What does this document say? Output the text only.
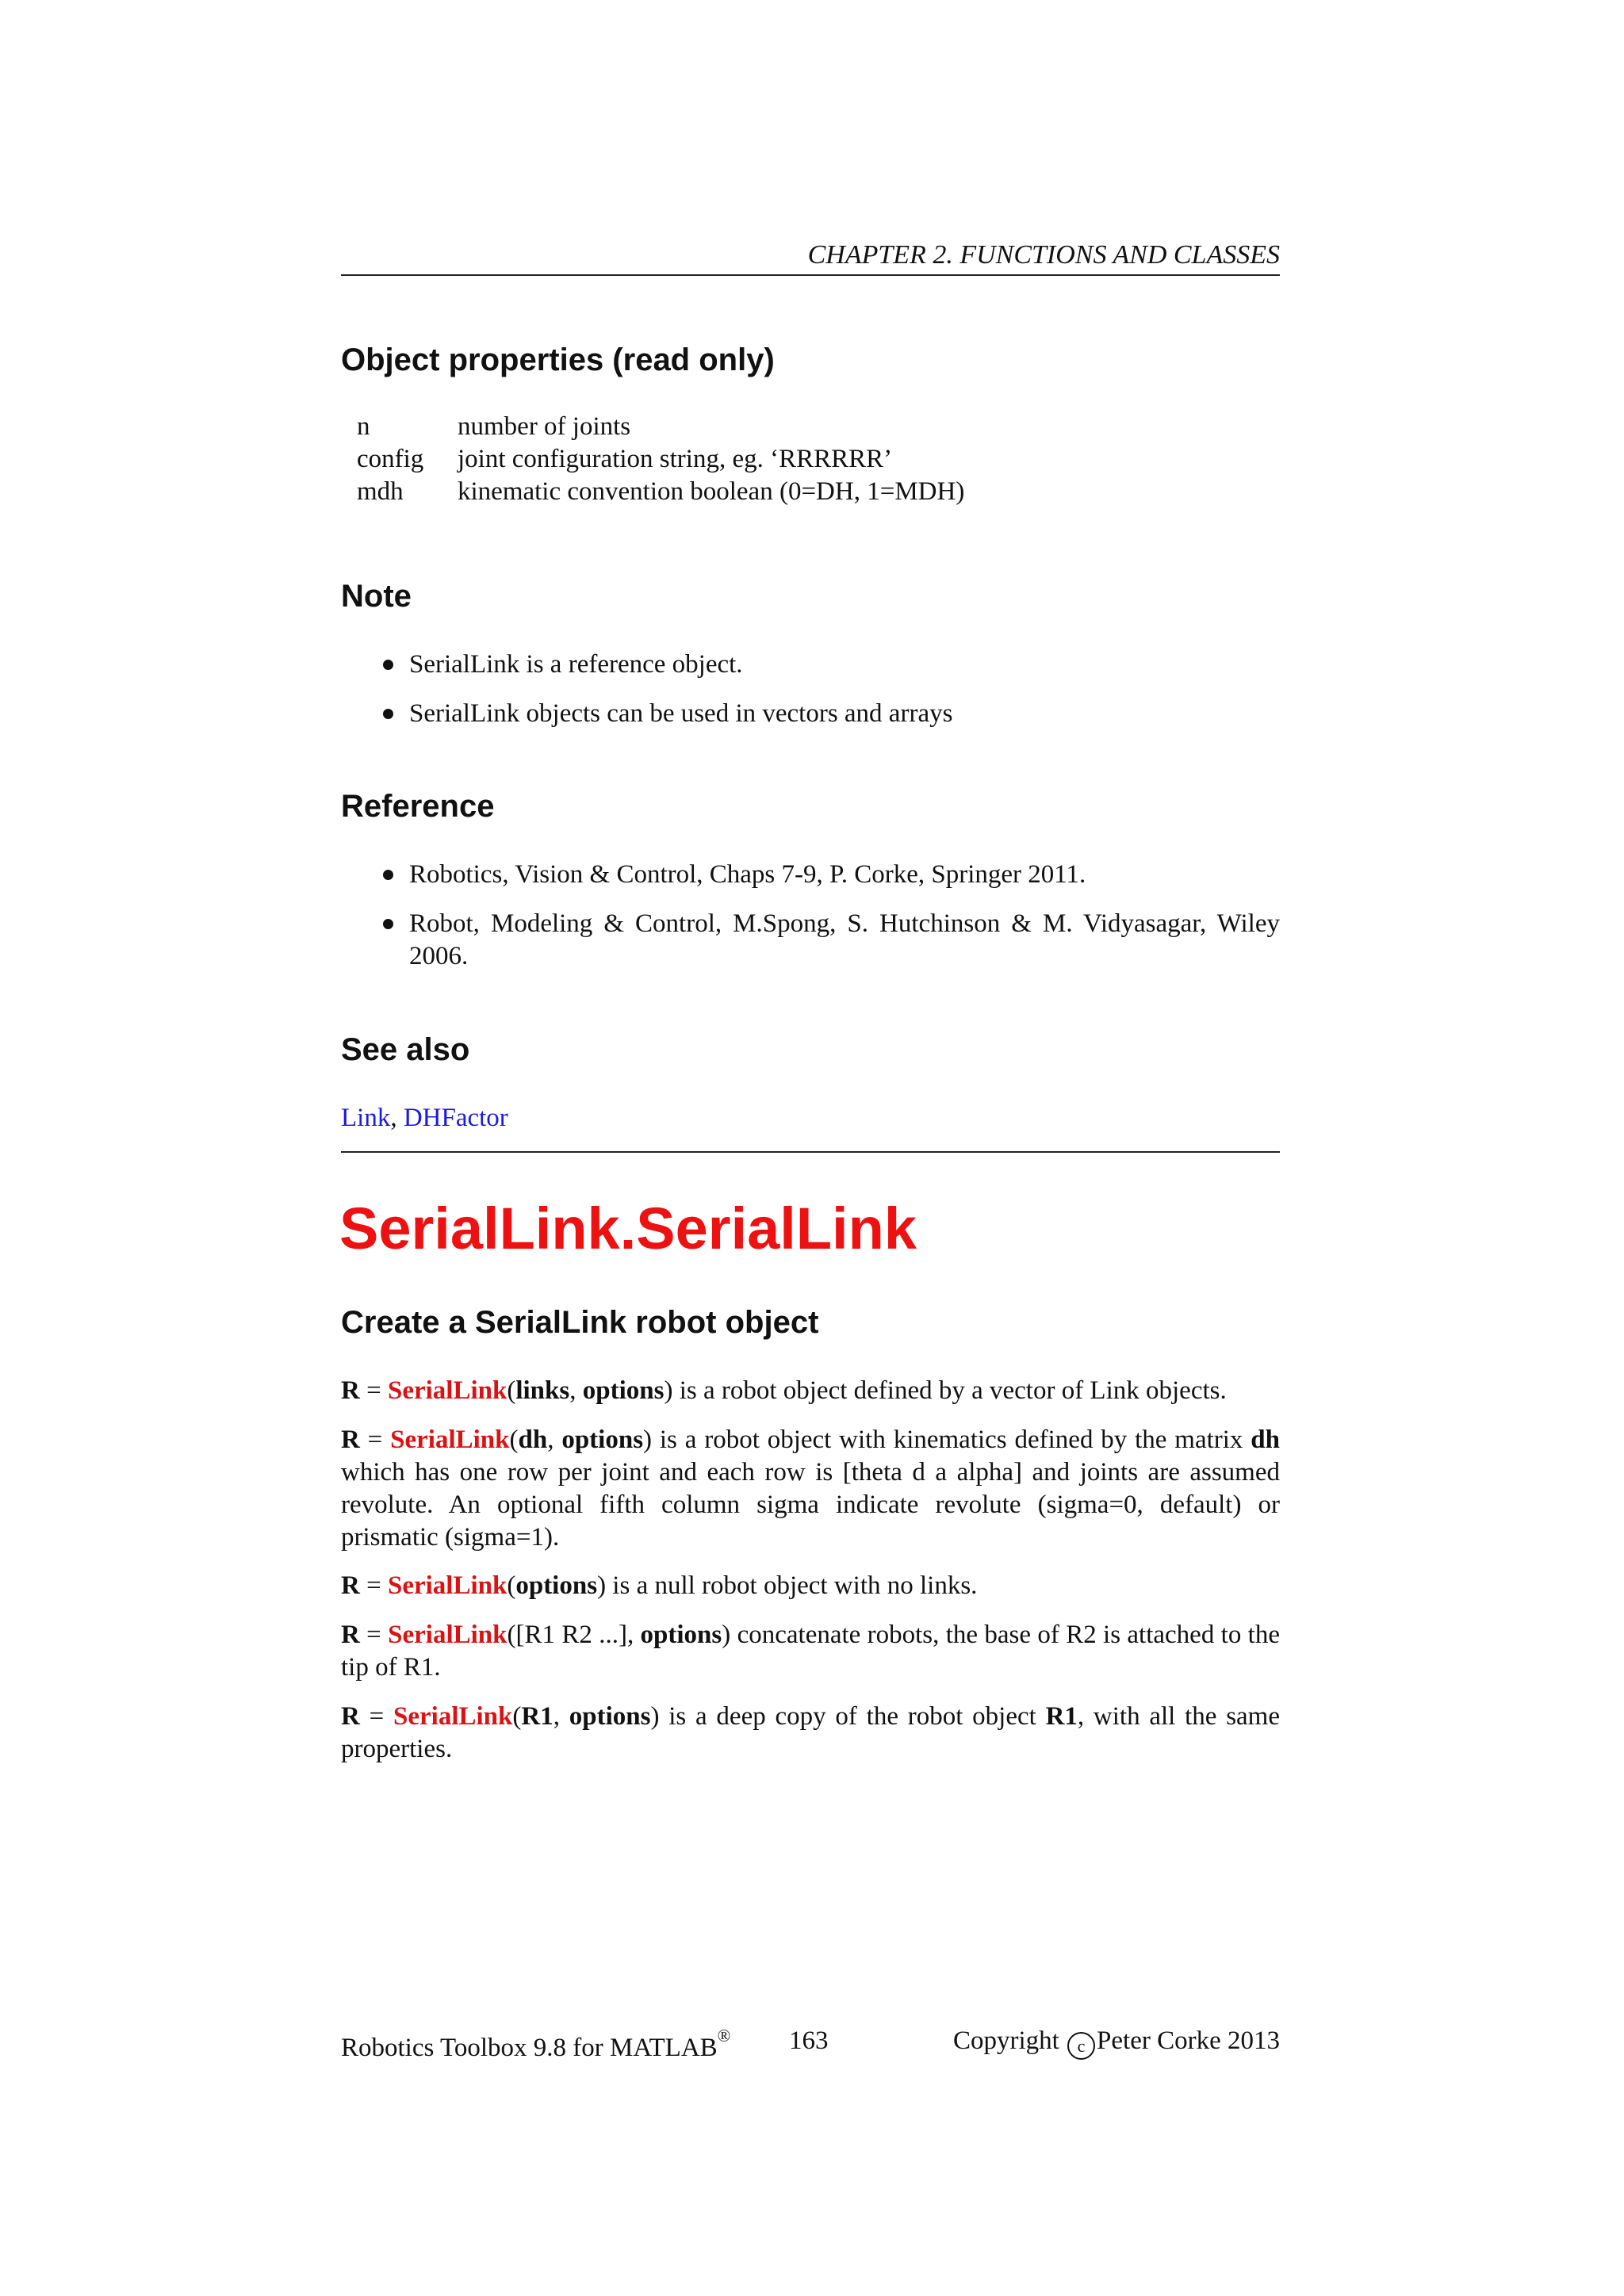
CHAPTER 2. FUNCTIONS AND CLASSES
Object properties (read only)
n	number of joints
config	joint configuration string, eg. ‘RRRRRR’
mdh	kinematic convention boolean (0=DH, 1=MDH)
Note
SerialLink is a reference object.
SerialLink objects can be used in vectors and arrays
Reference
Robotics, Vision & Control, Chaps 7-9, P. Corke, Springer 2011.
Robot, Modeling & Control, M.Spong, S. Hutchinson & M. Vidyasagar, Wiley 2006.
See also
Link, DHFactor
SerialLink.SerialLink
Create a SerialLink robot object

R = SerialLink(links, options) is a robot object defined by a vector of Link objects.

R = SerialLink(dh, options) is a robot object with kinematics defined by the matrix dh which has one row per joint and each row is [theta d a alpha] and joints are assumed revolute. An optional fifth column sigma indicate revolute (sigma=0, default) or prismatic (sigma=1).

R = SerialLink(options) is a null robot object with no links.

R = SerialLink([R1 R2 ...], options) concatenate robots, the base of R2 is attached to the tip of R1.

R = SerialLink(R1, options) is a deep copy of the robot object R1, with all the same properties.

Robotics Toolbox 9.8 for MATLAB® 163	Copyright c Peter Corke 2013
